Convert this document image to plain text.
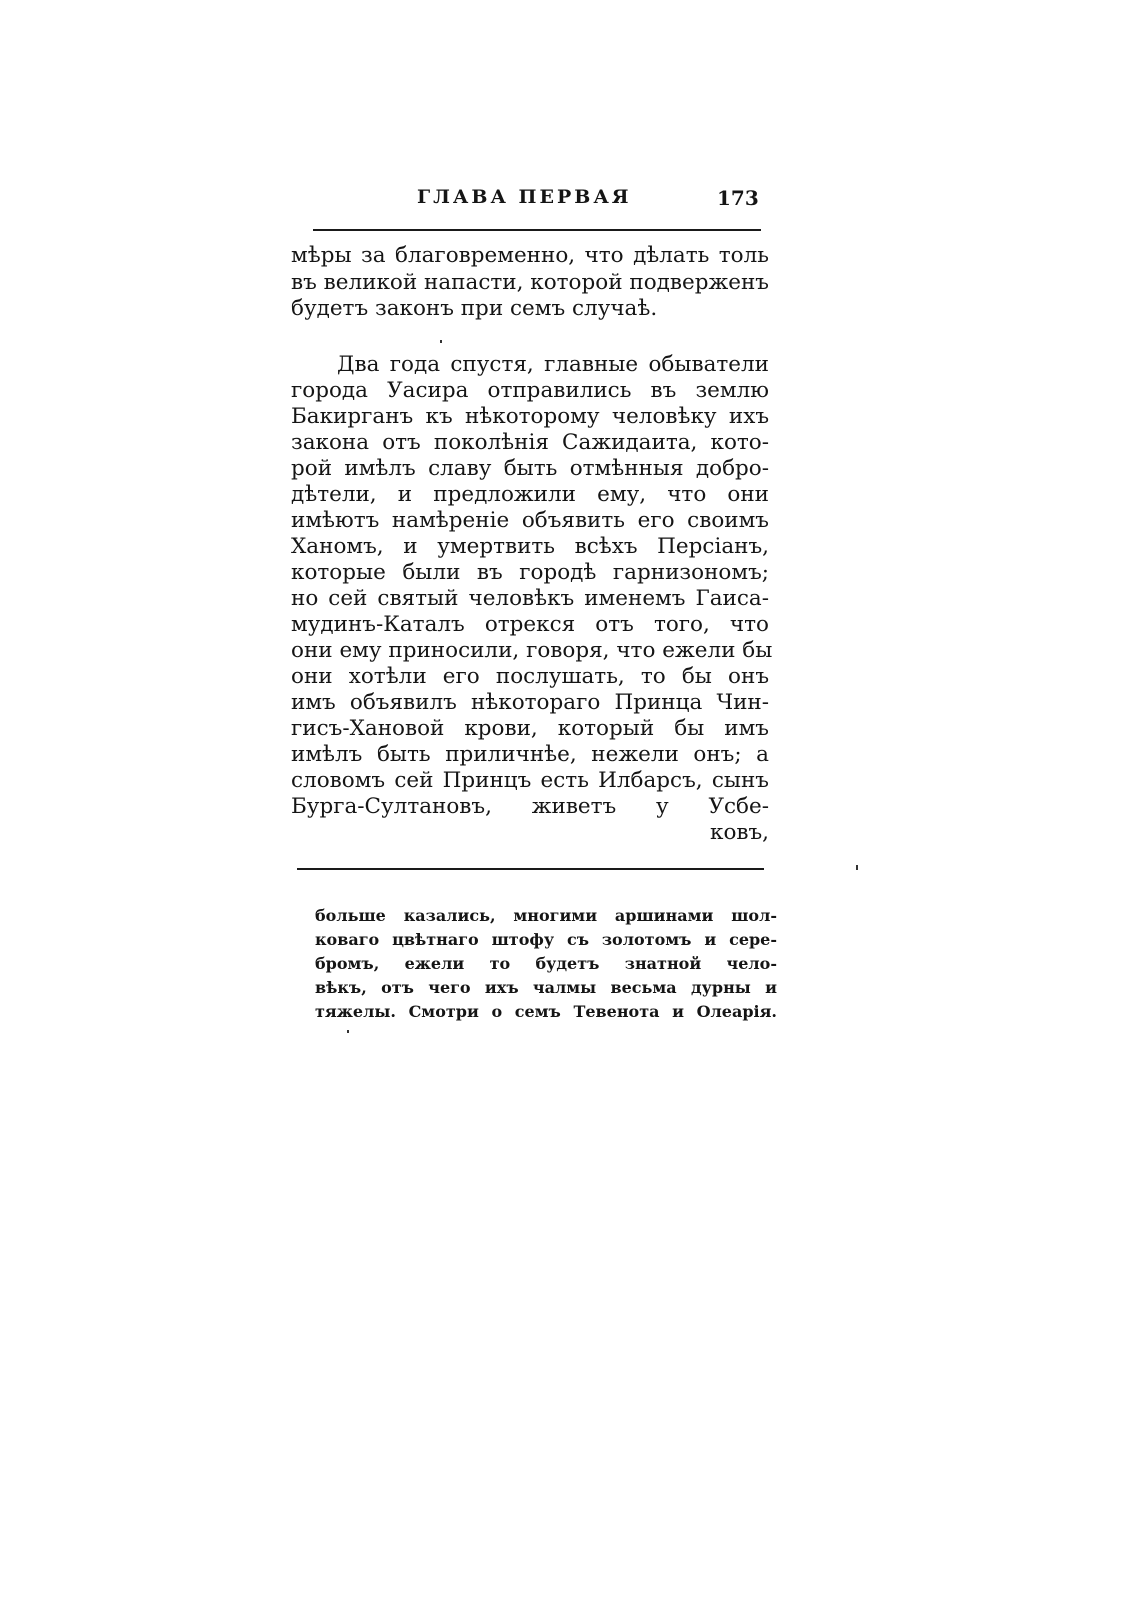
ГЛАВА ПЕРВАЯ	173
мѣры за благовременно, что дѣлать толь
въ великой напасти, которой подверженъ
будетъ законъ при семъ случаѣ.
Два года спустя, главные обыватели
города Уасира отправились въ землю
Бакирганъ къ нѣкоторому человѣку ихъ
закона отъ поколѣнія Сажидаита, кото-
рой имѣлъ славу быть отмѣнныя добро-
дѣтели, и предложили ему, что они
имѣютъ намѣреніе объявить его своимъ
Ханомъ, и умертвить всѣхъ Персіанъ,
которые были въ городѣ гарнизономъ;
но сей святый человѣкъ именемъ Гаиса-
мудинъ-Каталъ отрекся отъ того, что
они ему приносили, говоря, что ежели бы
они хотѣли его послушать, то бы онъ
имъ объявилъ нѣкотораго Принца Чин-
гисъ-Хановой крови, который бы имъ
имѣлъ быть приличнѣе, нежели онъ; а
словомъ сей Принцъ есть Илбарсъ, сынъ
Бурга-Султановъ, живетъ у Усбе-
ковъ,
больше казались, многими аршинами шол-
коваго цвѣтнаго штофу съ золотомъ и сере-
бромъ, ежели то будетъ знатной чело-
вѣкъ, отъ чего ихъ чалмы весьма дурны и
тяжелы. Смотри о семъ Тевенота и Олеарія.
